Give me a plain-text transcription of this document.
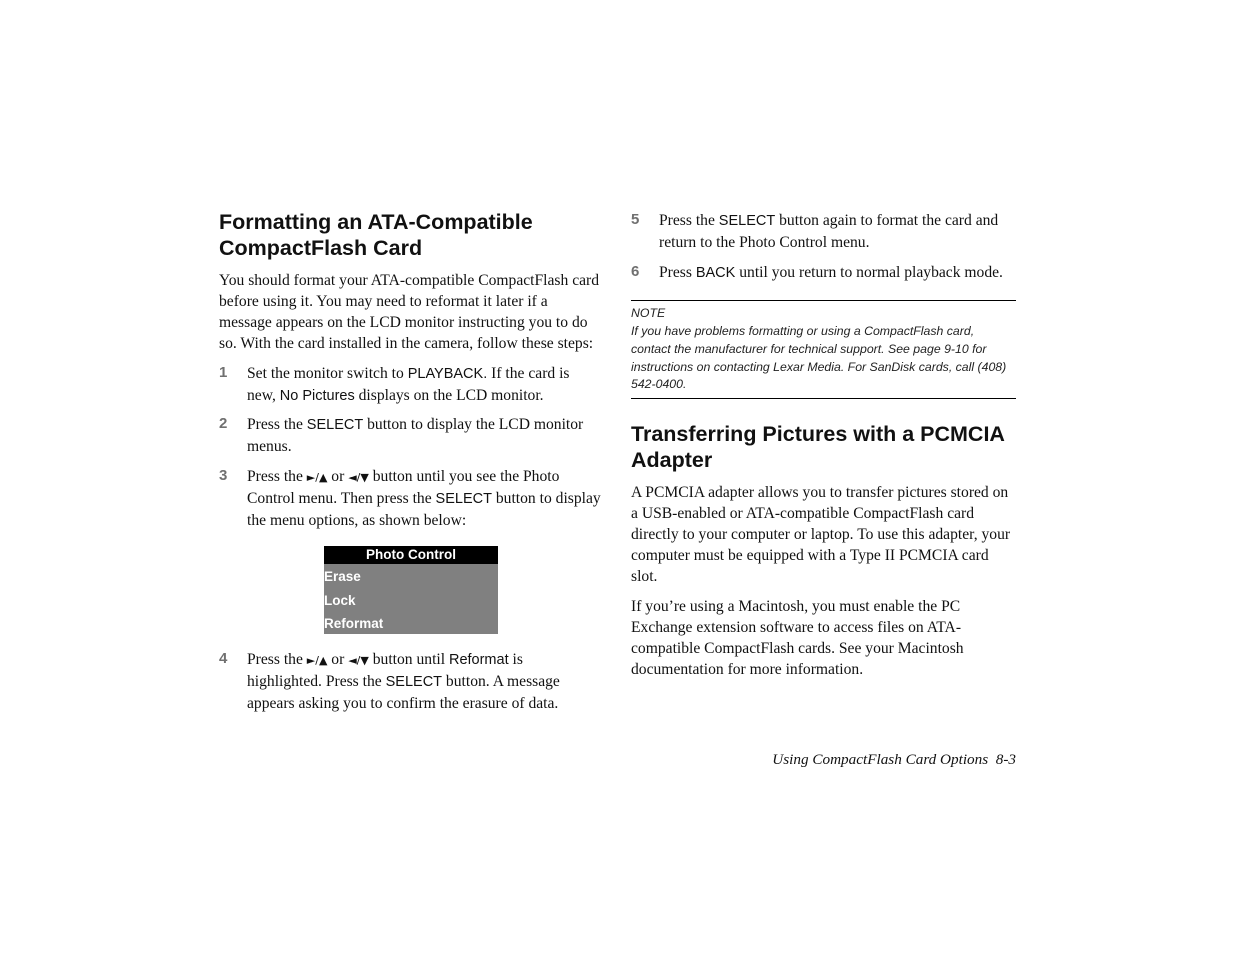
Formatting an ATA-Compatible CompactFlash Card

You should format your ATA-compatible CompactFlash card before using it. You may need to reformat it later if a message appears on the LCD monitor instructing you to do so. With the card installed in the camera, follow these steps:

1 Set the monitor switch to PLAYBACK. If the card is new, No Pictures displays on the LCD monitor.
2 Press the SELECT button to display the LCD monitor menus.
3 Press the ►/▲ or ◄/▼ button until you see the Photo Control menu. Then press the SELECT button to display the menu options, as shown below:
Photo Control
Erase
Lock
Reformat
4 Press the ►/▲ or ◄/▼ button until Reformat is highlighted. Press the SELECT button. A message appears asking you to confirm the erasure of data.
5 Press the SELECT button again to format the card and return to the Photo Control menu.
6 Press BACK until you return to normal playback mode.
NOTE
If you have problems formatting or using a CompactFlash card, contact the manufacturer for technical support. See page 9-10 for instructions on contacting Lexar Media. For SanDisk cards, call (408) 542-0400.
Transferring Pictures with a PCMCIA Adapter

A PCMCIA adapter allows you to transfer pictures stored on a USB-enabled or ATA-compatible CompactFlash card directly to your computer or laptop. To use this adapter, your computer must be equipped with a Type II PCMCIA card slot.

If you’re using a Macintosh, you must enable the PC Exchange extension software to access files on ATA-compatible CompactFlash cards. See your Macintosh documentation for more information.

Using CompactFlash Card Options 8-3
